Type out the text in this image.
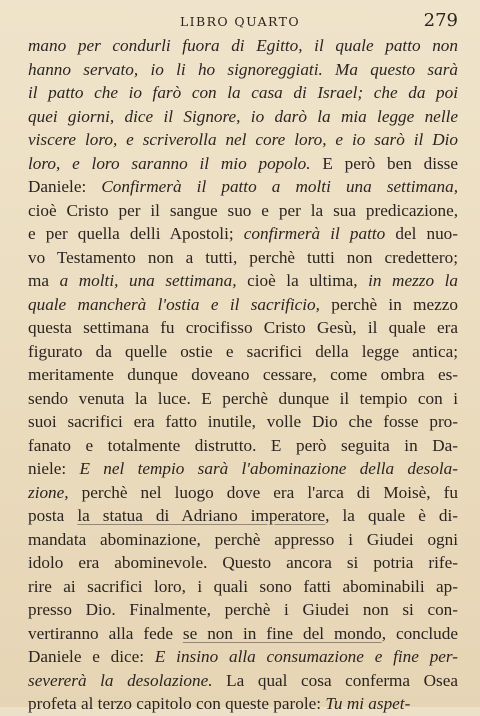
LIBRO QUARTO	279
mano per condurli fuora di Egitto, il quale patto non
hanno servato, io li ho signoreggiati. Ma questo sarà
il patto che io farò con la casa di Israel; che da poi
quei giorni, dice il Signore, io darò la mia legge nelle
viscere loro, e scriverolla nel core loro, e io sarò il Dio
loro, e loro saranno il mio popolo. E però ben disse
Daniele: Confirmerà il patto a molti una settimana,
cioè Cristo per il sangue suo e per la sua predicazione,
e per quella delli Apostoli; confirmerà il patto del nuo-
vo Testamento non a tutti, perchè tutti non credettero;
ma a molti, una settimana, cioè la ultima, in mezzo la
quale mancherà l'ostia e il sacrificio, perchè in mezzo
questa settimana fu crocifisso Cristo Gesù, il quale era
figurato da quelle ostie e sacrifici della legge antica;
meritamente dunque doveano cessare, come ombra es-
sendo venuta la luce. E perchè dunque il tempio con i
suoi sacrifici era fatto inutile, volle Dio che fosse pro-
fanato e totalmente distrutto. E però seguita in Da-
niele: E nel tempio sarà l'abominazione della desola-
zione, perchè nel luogo dove era l'arca di Moisè, fu
posta la statua di Adriano imperatore, la quale è di-
mandata abominazione, perchè appresso i Giudei ogni
idolo era abominevole. Questo ancora si potria rife-
rire ai sacrifici loro, i quali sono fatti abominabili ap-
presso Dio. Finalmente, perchè i Giudei non si con-
vertiranno alla fede se non in fine del mondo, conclude
Daniele e dice: E insino alla consumazione e fine per-
severerà la desolazione. La qual cosa conferma Osea
profeta al terzo capitolo con queste parole: Tu mi aspet-
